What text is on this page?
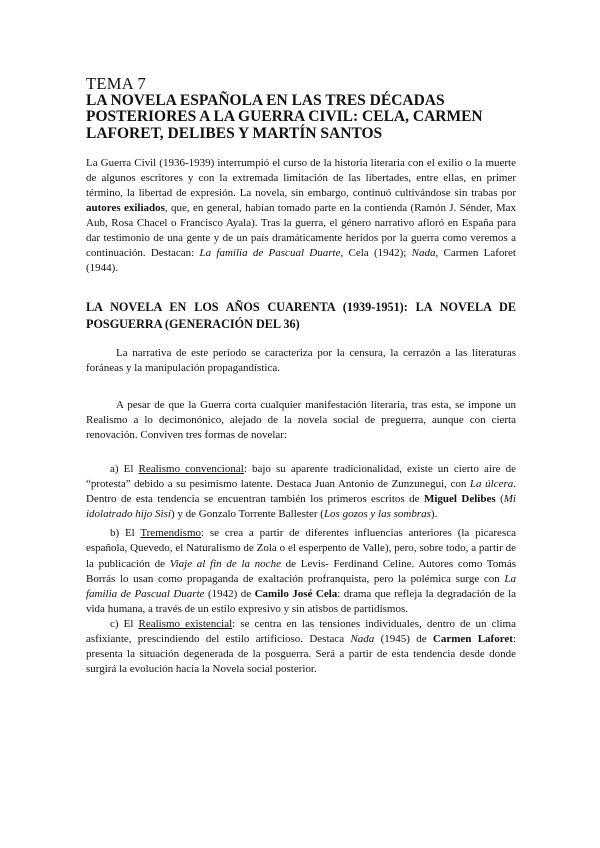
TEMA 7
LA NOVELA ESPAÑOLA EN LAS TRES DÉCADAS POSTERIORES A LA GUERRA CIVIL: CELA, CARMEN LAFORET, DELIBES Y MARTÍN SANTOS

La Guerra Civil (1936-1939) interrumpió el curso de la historia literaria con el exilio o la muerte de algunos escritores y con la extremada limitación de las libertades, entre ellas, en primer término, la libertad de expresión. La novela, sin embargo, continuó cultivándose sin trabas por autores exiliados, que, en general, habían tomado parte en la contienda (Ramón J. Sénder, Max Aub, Rosa Chacel o Francisco Ayala). Tras la guerra, el género narrativo afloró en España para dar testimonio de una gente y de un país dramáticamente heridos por la guerra como veremos a continuación. Destacan: La familia de Pascual Duarte, Cela (1942); Nada, Carmen Laforet (1944).

LA NOVELA EN LOS AÑOS CUARENTA (1939-1951): LA NOVELA DE POSGUERRA (GENERACIÓN DEL 36)

La narrativa de este período se caracteriza por la censura, la cerrazón a las literaturas foráneas y la manipulación propagandística.

A pesar de que la Guerra corta cualquier manifestación literaria, tras esta, se impone un Realismo a lo decimonónico, alejado de la novela social de preguerra, aunque con cierta renovación. Conviven tres formas de novelar:

a) El Realismo convencional: bajo su aparente tradicionalidad, existe un cierto aire de “protesta” debido a su pesimismo latente. Destaca Juan Antonio de Zunzunegui, con La úlcera. Dentro de esta tendencia se encuentran también los primeros escritos de Miguel Delibes (Mi idolatrado hijo Sisí) y de Gonzalo Torrente Ballester (Los gozos y las sombras).

b) El Tremendismo: se crea a partir de diferentes influencias anteriores (la picaresca española, Quevedo, el Naturalismo de Zola o el esperpento de Valle), pero, sobre todo, a partir de la publicación de Viaje al fin de la noche de Levis- Ferdinand Celine. Autores como Tomás Borrás lo usan como propaganda de exaltación profranquista, pero la polémica surge con La familia de Pascual Duarte (1942) de Camilo José Cela: drama que refleja la degradación de la vida humana, a través de un estilo expresivo y sin atisbos de partidismos.

c) El Realismo existencial: se centra en las tensiones individuales, dentro de un clima asfixiante, prescindiendo del estilo artificioso. Destaca Nada (1945) de Carmen Laforet: presenta la situación degenerada de la posguerra. Será a partir de esta tendencia desde donde surgirá la evolución hacia la Novela social posterior.
